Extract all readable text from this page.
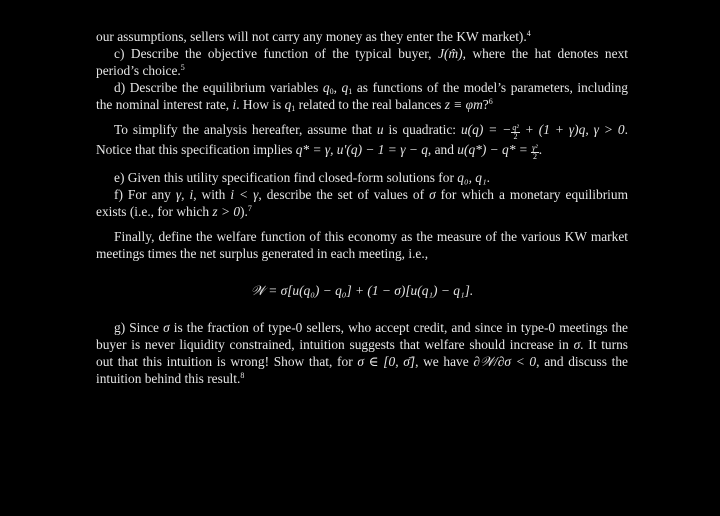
our assumptions, sellers will not carry any money as they enter the KW market).$^4$

c) Describe the objective function of the typical buyer, J(m̂), where the hat denotes next period’s choice.$^5$

d) Describe the equilibrium variables $q_0$, $q_1$ as functions of the model’s parameters, including the nominal interest rate, i. How is $q_1$ related to the real balances z ≡ φm?$^6$

To simplify the analysis hereafter, assume that u is quadratic: u(q) = − $\frac{\text{q²}}{2} + (1 + \gamma)q$, γ > 0. Notice that this specification implies q* = γ, u′(q) − 1 = γ − q, and $u(q*) - q* = \frac{\text{γ²}}{2}$ .

e) Given this utility specification find closed-form solutions for q₀, q₁.

f) For any γ, i, with i < γ, describe the set of values of σ for which a monetary equilibrium exists (i.e., for which z > 0).$^7$

Finally, define the welfare function of this economy as the measure of the various KW market meetings times the net surplus generated in each meeting, i.e.,

𝒲 = σ[u(q₀) − q₀] + (1 − σ)[u(q₁) − q₁].

g) Since σ is the fraction of type-0 sellers, who accept credit, and since in type-0 meetings the buyer is never liquidity constrained, intuition suggests that welfare should increase in σ. It turns out that this intuition is wrong! Show that, for σ ∈ [0, σ̄], we have ∂𝒲/∂σ < 0, and discuss the intuition behind this result.$^8$
